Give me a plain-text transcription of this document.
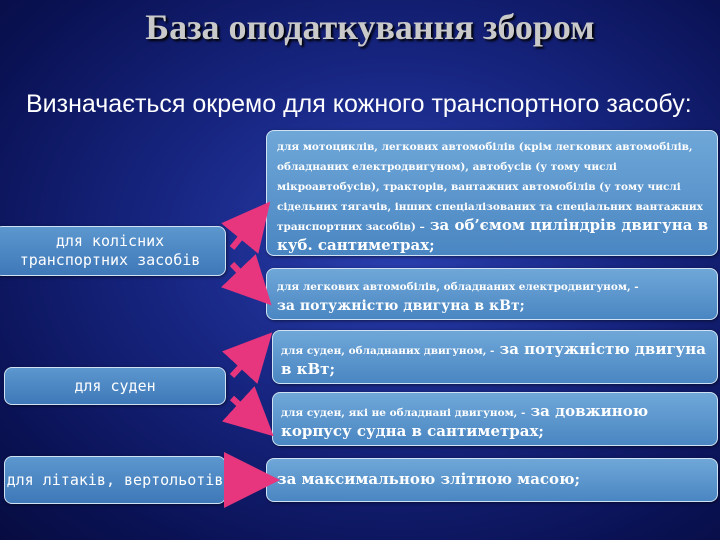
База оподаткування збором
Визначається окремо для кожного транспортного засобу:
для колісних транспортних засобів
для суден
для літаків, вертольотів
для мотоциклів, легкових автомобілів (крім легкових автомобілів, обладнаних електродвигуном), автобусів (у тому числі мікроавтобусів), тракторів, вантажних автомобілів (у тому числі сідельних тягачів, інших спеціалізованих та спеціальних вантажних транспортних засобів) – за об’ємом циліндрів двигуна в куб. сантиметрах;
для легкових автомобілів, обладнаних електродвигуном, -
за потужністю двигуна в кВт;
для суден, обладнаних двигуном, - за потужністю двигуна в кВт;
для суден, які не обладнані двигуном, - за довжиною корпусу судна в сантиметрах;
за максимальною злітною масою;
